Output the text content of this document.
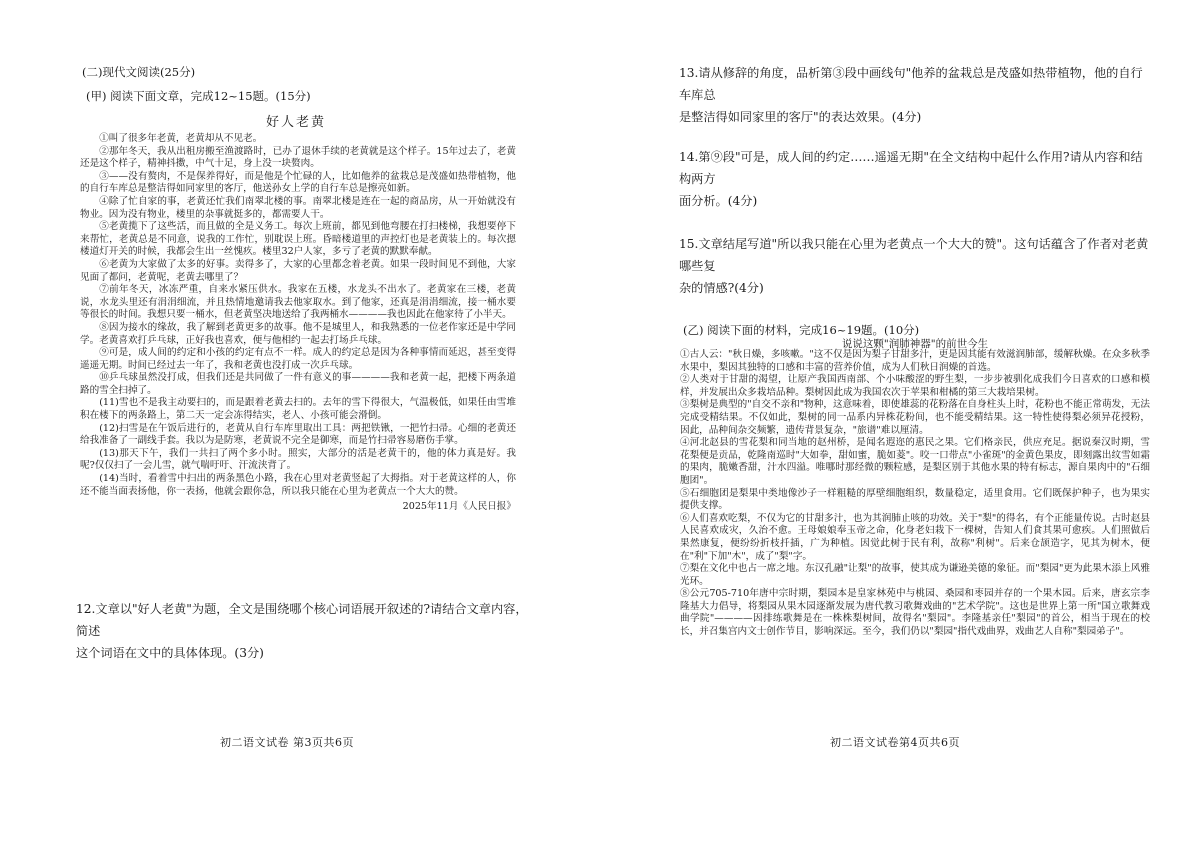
(二)现代文阅读(25分)
(甲) 阅读下面文章，完成12~15题。(15分)
好人老黄

①叫了很多年老黄，老黄却从不见老。

②那年冬天，我从出租房搬至渔渡路时，已办了退休手续的老黄就是这个样子。15年过去了，老黄还是这个样子，精神抖擞，中气十足，身上没一块赘肉。

③——没有赘肉，不是保养得好，而是他是个忙碌的人，比如他养的盆栽总是茂盛如热带植物，他的自行车库总是整洁得如同家里的客厅，他送孙女上学的自行车总是擦亮如新。

④除了忙自家的事，老黄还忙我们南翠北楼的事。南翠北楼是连在一起的商品房，从一开始就没有物业。因为没有物业，楼里的杂事就挺多的，都需要人干。

⑤老黄揽下了这些活，而且做的全是义务工。每次上班前，都见到他弯腰在打扫楼梯，我想要停下来帮忙，老黄总是不同意，说我的工作忙，别耽误上班。昏暗楼道里的声控灯也是老黄装上的。每次摁楼道灯开关的时候，我都会生出一丝愧疚。楼里32户人家，多亏了老黄的默默奉献。

⑥老黄为大家做了太多的好事。卖得多了，大家的心里都念着老黄。如果一段时间见不到他，大家见面了都问，老黄呢，老黄去哪里了？

⑦前年冬天，冰冻严重，自来水紧压供水。我家在五楼，水龙头不出水了。老黄家在三楼，老黄说，水龙头里还有涓涓细流，并且热情地邀请我去他家取水。到了他家，还真是涓涓细流，接一桶水要等很长的时间。我想只要一桶水，但老黄坚决地送给了我两桶水————我也因此在他家待了小半天。

⑧因为接水的缘故，我了解到老黄更多的故事。他不是城里人，和我熟悉的一位老作家还是中学同学。老黄喜欢打乒乓球，正好我也喜欢，便与他相约一起去打场乒乓球。

⑨可是，成人间的约定和小孩的约定有点不一样。成人的约定总是因为各种事情而延迟，甚至变得遥遥无期。时间已经过去一年了，我和老黄也没打成一次乒乓球。

⑩乒乓球虽然没打成，但我们还是共同做了一件有意义的事————我和老黄一起，把楼下两条道路的雪全扫掉了。

(11)雪也不是我主动要扫的，而是跟着老黄去扫的。去年的雪下得很大，气温极低，如果任由雪堆积在楼下的两条路上，第二天一定会冻得结实，老人、小孩可能会滑倒。

(12)扫雪是在午饭后进行的，老黄从自行车库里取出工具：两把铁锹，一把竹扫帚。心细的老黄还给我准备了一副线手套。我以为是防寒，老黄说不完全是御寒，而是竹扫帚容易磨伤手掌。

(13)那天下午，我们一共扫了两个多小时。照实，大部分的活是老黄干的，他的体力真是好。我呢?仅仅扫了一会儿雪，就气喘吁吁、汗流浃背了。

(14)当时，看着雪中扫出的两条黑色小路，我在心里对老黄竖起了大拇指。对于老黄这样的人，你还不能当面表扬他，你一表扬，他就会跟你急，所以我只能在心里为老黄点一个大大的赞。

2025年11月《人民日报》

12.文章以"好人老黄"为题，全文是围绕哪个核心词语展开叙述的?请结合文章内容，简述
这个词语在文中的具体体现。(3分)
初二语文试卷 第3页共6页
13.请从修辞的角度，品析第③段中画线句"他养的盆栽总是茂盛如热带植物，他的自行车库总
是整洁得如同家里的客厅"的表达效果。(4分)
14.第⑨段"可是，成人间的约定……遥遥无期"在全文结构中起什么作用?请从内容和结构两方
面分析。(4分)
15.文章结尾写道"所以我只能在心里为老黄点一个大大的赞"。这句话蕴含了作者对老黄哪些复
杂的情感?(4分)
(乙) 阅读下面的材料，完成16~19题。(10分)
说说这颗"润肺神器"的前世今生

①古人云："秋日燥，多咳嗽。"这不仅是因为梨子甘甜多汁，更是因其能有效滋润肺部，缓解秋燥。在众多秋季水果中，梨因其独特的口感和丰富的营养价值，成为人们秋日润燥的首选。

②人类对于甘甜的渴望，让原产我国西南部、个小味酸涩的野生梨，一步步被驯化成我们今日喜欢的口感和模样，并发展出众多栽培品种。梨树因此成为我国农次于苹果和柑橘的第三大栽培果树。

③梨树是典型的"自交不亲和"物种，这意味着，即使雄蕊的花粉落在自身柱头上时，花粉也不能正常萌发，无法完成受精结果。不仅如此，梨树的同一品系内异株花粉间，也不能受精结果。这一特性使得梨必须异花授粉，因此，品种间杂交频繁，遗传背景复杂，"旅谱"难以厘清。

④河北赵县的雪花梨和同当地的赵州桥，是闻名遐迩的惠民之果。它们格亲民，供应充足。据说秦汉时期，雪花梨便是贡品，乾隆南巡时"大如拳，甜如蜜，脆如菱"。咬一口带点"小雀斑"的金黄色果皮，即刻露出纹雪如霜的果肉，脆嫩香甜，汁水四溢。唯哪时那经微的颗粒感，是梨区别于其他水果的特有标志，源自果肉中的"石细胞团"。

⑤石细胞团是梨果中类地像沙子一样粗糙的厚壁细胞组织，数量稳定，适里食用。它们既保护种子，也为果实提供支撑。

⑥人们喜欢吃梨，不仅为它的甘甜多汁，也为其润肺止咳的功效。关于"梨"的得名，有个正能量传说。古时赵县人民喜欢成灾，久治不愈。王母娘娘奉玉帝之命，化身老妇栽下一棵树，告知人们食其果可愈疾。人们照做后果然康复，便纷纷折枝扦插，广为种植。因觉此树于民有利，故称"利树"。后来仓颉造字，见其为树木，便在"利"下加"木"，成了"梨"字。

⑦梨在文化中也占一席之地。东汉孔融"让梨"的故事，使其成为谦逊美德的象征。而"梨园"更为此果木添上风雅光环。

⑧公元705-710年唐中宗时期，梨园本是皇家林苑中与桃园、桑园和枣园并存的一个果木园。后来，唐玄宗李隆基大力倡导，将梨园从果木园逐渐发展为唐代教习歌舞戏曲的"艺术学院"。这也是世界上第一所"国立歌舞戏曲学院"————因排练歌舞是在一株株梨树间，故得名"梨园"。李隆基亲任"梨园"的首公，相当于现在的校长，并召集宫内文士创作节目，影响深远。至今，我们仍以"梨园"指代戏曲界，戏曲艺人自称"梨园弟子"。

初二语文试卷第4页共6页
